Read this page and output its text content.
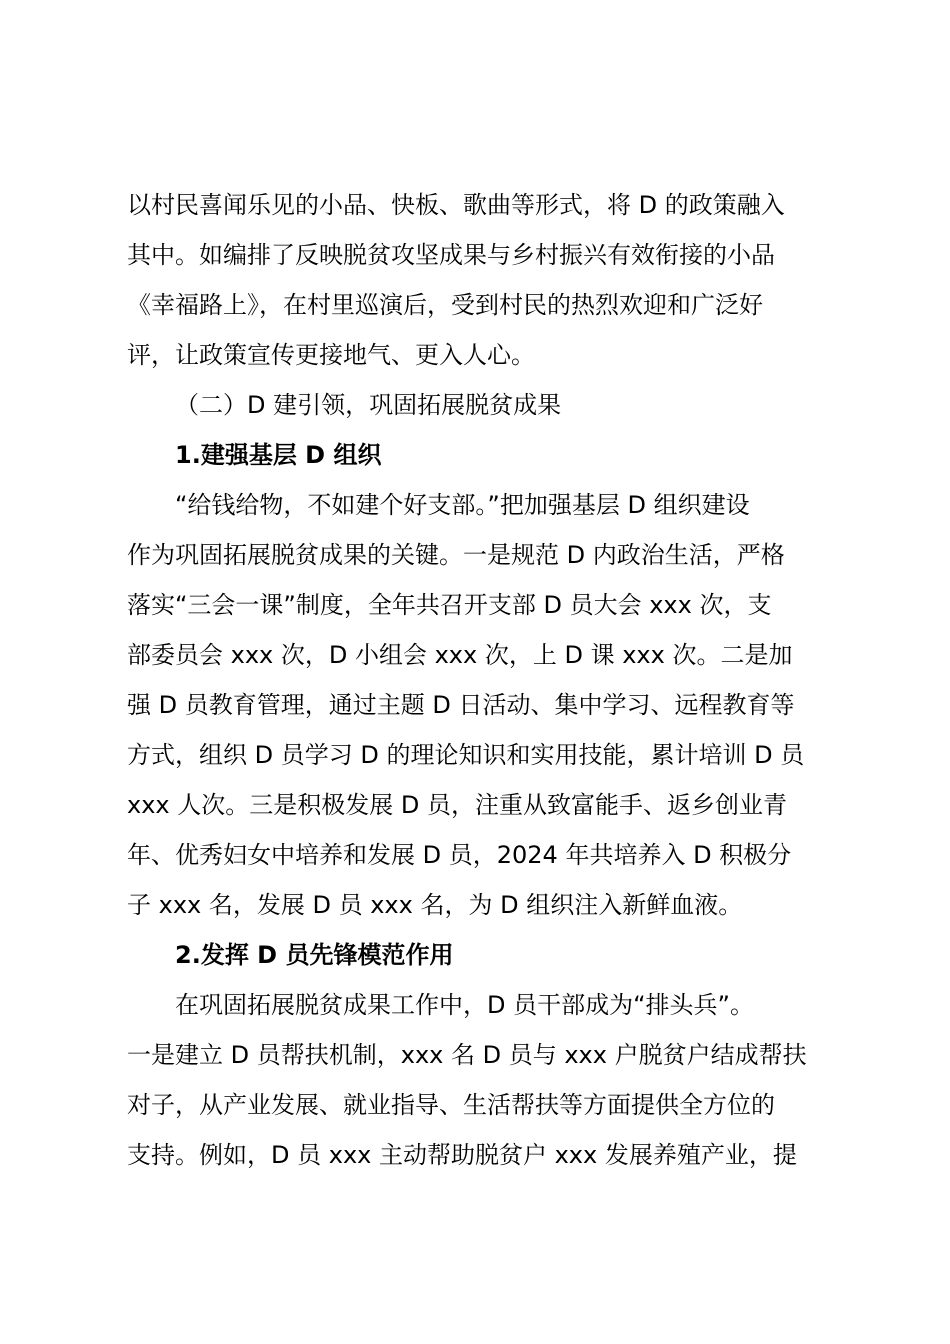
以村民喜闻乐见的小品、快板、歌曲等形式，将 D 的政策融入
其中。如编排了反映脱贫攻坚成果与乡村振兴有效衔接的小品
《幸福路上》，在村里巡演后，受到村民的热烈欢迎和广泛好
评，让政策宣传更接地气、更入人心。
（二）D 建引领，巩固拓展脱贫成果
1.建强基层 D 组织
“给钱给物，不如建个好支部。”把加强基层 D 组织建设
作为巩固拓展脱贫成果的关键。一是规范 D 内政治生活，严格
落实“三会一课”制度，全年共召开支部 D 员大会 xxx 次，支
部委员会 xxx 次，D 小组会 xxx 次，上 D 课 xxx 次。二是加
强 D 员教育管理，通过主题 D 日活动、集中学习、远程教育等
方式，组织 D 员学习 D 的理论知识和实用技能，累计培训 D 员
xxx 人次。三是积极发展 D 员，注重从致富能手、返乡创业青
年、优秀妇女中培养和发展 D 员，2024 年共培养入 D 积极分
子 xxx 名，发展 D 员 xxx 名，为 D 组织注入新鲜血液。
2.发挥 D 员先锋模范作用
在巩固拓展脱贫成果工作中，D 员干部成为“排头兵”。
一是建立 D 员帮扶机制，xxx 名 D 员与 xxx 户脱贫户结成帮扶
对子，从产业发展、就业指导、生活帮扶等方面提供全方位的
支持。例如，D 员 xxx 主动帮助脱贫户 xxx 发展养殖产业，提
